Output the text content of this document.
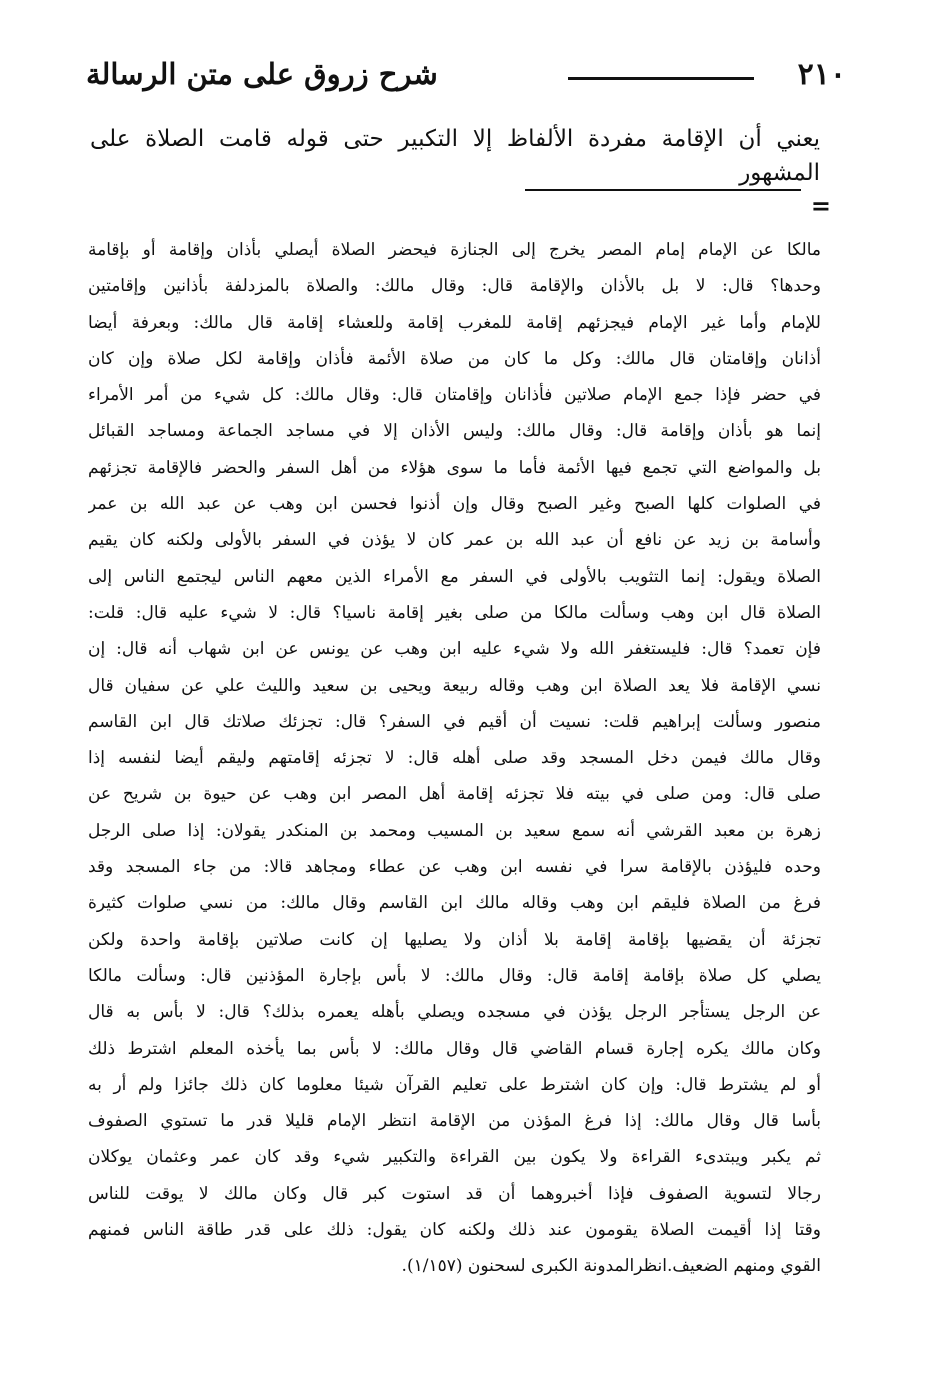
٢١٠
شرح زروق على متن الرسالة

يعني أن الإقامة مفردة الألفاظ إلا التكبير حتى قوله قامت الصلاة على المشهور

=
مالكا عن الإمام إمام المصر يخرج إلى الجنازة فيحضر الصلاة أيصلي بأذان وإقامة أو بإقامة
وحدها؟ قال: لا بل بالأذان والإقامة قال: وقال مالك: والصلاة بالمزدلفة بأذانين وإقامتين
للإمام وأما غير الإمام فيجزئهم إقامة للمغرب إقامة وللعشاء إقامة قال مالك: وبعرفة أيضا
أذانان وإقامتان قال مالك: وكل ما كان من صلاة الأئمة فأذان وإقامة لكل صلاة وإن كان
في حضر فإذا جمع الإمام صلاتين فأذانان وإقامتان قال: وقال مالك: كل شيء من أمر الأمراء
إنما هو بأذان وإقامة قال: وقال مالك: وليس الأذان إلا في مساجد الجماعة ومساجد القبائل
بل والمواضع التي تجمع فيها الأئمة فأما ما سوى هؤلاء من أهل السفر والحضر فالإقامة تجزئهم
في الصلوات كلها الصبح وغير الصبح وقال وإن أذنوا فحسن ابن وهب عن عبد الله بن عمر
وأسامة بن زيد عن نافع أن عبد الله بن عمر كان لا يؤذن في السفر بالأولى ولكنه كان يقيم
الصلاة ويقول: إنما التثويب بالأولى في السفر مع الأمراء الذين معهم الناس ليجتمع الناس إلى
الصلاة قال ابن وهب وسألت مالكا من صلى بغير إقامة ناسيا؟ قال: لا شيء عليه قال: قلت:
فإن تعمد؟ قال: فليستغفر الله ولا شيء عليه ابن وهب عن يونس عن ابن شهاب أنه قال: إن
نسي الإقامة فلا يعد الصلاة ابن وهب وقاله ربيعة ويحيى بن سعيد والليث علي عن سفيان قال
منصور وسألت إبراهيم قلت: نسيت أن أقيم في السفر؟ قال: تجزئك صلاتك قال ابن القاسم
وقال مالك فيمن دخل المسجد وقد صلى أهله قال: لا تجزئه إقامتهم وليقم أيضا لنفسه إذا
صلى قال: ومن صلى في بيته فلا تجزئه إقامة أهل المصر ابن وهب عن حيوة بن شريح عن
زهرة بن معبد القرشي أنه سمع سعيد بن المسيب ومحمد بن المنكدر يقولان: إذا صلى الرجل
وحده فليؤذن بالإقامة سرا في نفسه ابن وهب عن عطاء ومجاهد قالا: من جاء المسجد وقد
فرغ من الصلاة فليقم ابن وهب وقاله مالك ابن القاسم وقال مالك: من نسي صلوات كثيرة
تجزئة أن يقضيها بإقامة إقامة بلا أذان ولا يصليها إن كانت صلاتين بإقامة واحدة ولكن
يصلي كل صلاة بإقامة إقامة قال: وقال مالك: لا بأس بإجارة المؤذنين قال: وسألت مالكا
عن الرجل يستأجر الرجل يؤذن في مسجده ويصلي بأهله يعمره بذلك؟ قال: لا بأس به قال
وكان مالك يكره إجارة قسام القاضي قال وقال مالك: لا بأس بما يأخذه المعلم اشترط ذلك
أو لم يشترط قال: وإن كان اشترط على تعليم القرآن شيئا معلوما كان ذلك جائزا ولم أر به
بأسا قال وقال مالك: إذا فرغ المؤذن من الإقامة انتظر الإمام قليلا قدر ما تستوي الصفوف
ثم يكبر ويبتدىء القراءة ولا يكون بين القراءة والتكبير شيء وقد كان عمر وعثمان يوكلان
رجالا لتسوية الصفوف فإذا أخبروهما أن قد استوت كبر قال وكان مالك لا يوقت للناس
وقتا إذا أقيمت الصلاة يقومون عند ذلك ولكنه كان يقول: ذلك على قدر طاقة الناس فمنهم
القوي ومنهم الضعيف.انظرالمدونة الكبرى لسحنون (١/١٥٧).
